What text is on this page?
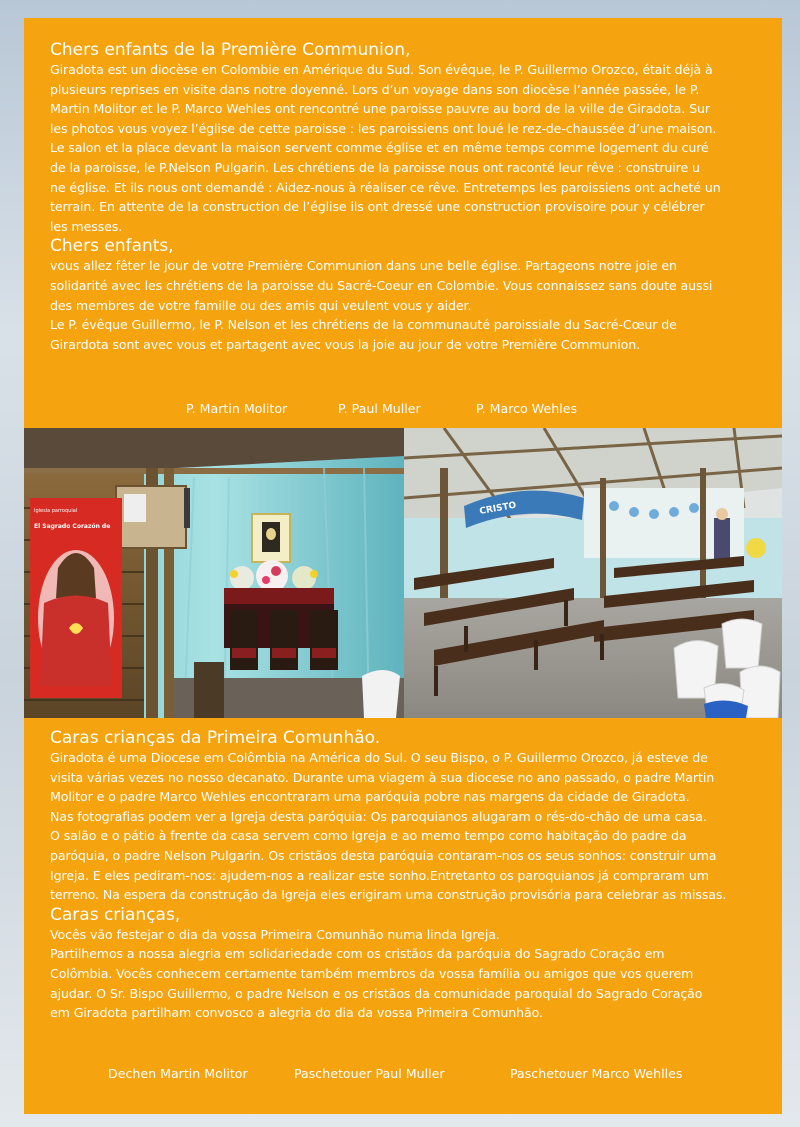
Chers enfants de la Première Communion,

Giradota est un diocèse en Colombie en Amérique du Sud. Son évêque, le P. Guillermo Orozco, était déjà à
plusieurs reprises en visite dans notre doyenné. Lors d’un voyage dans son diocèse l’année passée, le P.
Martin Molitor et le P. Marco Wehles ont rencontré une paroisse pauvre au bord de la ville de Giradota. Sur
les photos vous voyez l’église de cette paroisse : les paroissiens ont loué le rez-de-chaussée d’une maison.
Le salon et la place devant la maison servent comme église et en même temps comme logement du curé
de la paroisse, le P.Nelson Pulgarin. Les chrétiens de la paroisse nous ont raconté leur rêve : construire u
ne église. Et ils nous ont demandé : Aidez-nous à réaliser ce rêve. Entretemps les paroissiens ont acheté un
terrain. En attente de la construction de l’église ils ont dressé une construction provisoire pour y célébrer
les messes.

Chers enfants,

vous allez fêter le jour de votre Première Communion dans une belle église. Partageons notre joie en
solidarité avec les chrétiens de la paroisse du Sacré-Coeur en Colombie. Vous connaissez sans doute aussi
des membres de votre famille ou des amis qui veulent vous y aider.
Le P. évêque Guillermo, le P. Nelson et les chrétiens de la communauté paroissiale du Sacré-Cœur de
Girardota sont avec vous et partagent avec vous la joie au jour de votre Première Communion.

P. Martin Molitor	P. Paul Muller	P. Marco Wehles
Iglesia parroquial
El Sagrado Corazón de
CRISTO
Caras crianças da Primeira Comunhão.

Giradota é uma Diocese em Colômbia na América do Sul. O seu Bispo, o P. Guillermo Orozco, já esteve de
visita várias vezes no nosso decanato. Durante uma viagem à sua diocese no ano passado, o padre Martin
Molitor e o padre Marco Wehles encontraram uma paróquia pobre nas margens da cidade de Giradota.
Nas fotografias podem ver a Igreja desta paróquia: Os paroquianos alugaram o rés-do-chão de uma casa.
O salão e o pátio à frente da casa servem como Igreja e ao memo tempo como habitação do padre da
paróquia, o padre Nelson Pulgarin. Os cristãos desta paróquia contaram-nos os seus sonhos: construir uma
Igreja. E eles pediram-nos: ajudem-nos a realizar este sonho.Entretanto os paroquianos já compraram um
terreno. Na espera da construção da Igreja eles erigiram uma construção provisória para celebrar as missas.

Caras crianças,

Vocês vão festejar o dia da vossa Primeira Comunhão numa linda Igreja.
Partilhemos a nossa alegria em solidariedade com os cristãos da paróquia do Sagrado Coração em
Colômbia. Vocês conhecem certamente também membros da vossa família ou amigos que vos querem
ajudar. O Sr. Bispo Guillermo, o padre Nelson e os cristãos da comunidade paroquial do Sagrado Coração
em Giradota partilham convosco a alegria do dia da vossa Primeira Comunhão.

Dechen Martin Molitor	Paschetouer Paul Muller	Paschetouer Marco Wehlles
